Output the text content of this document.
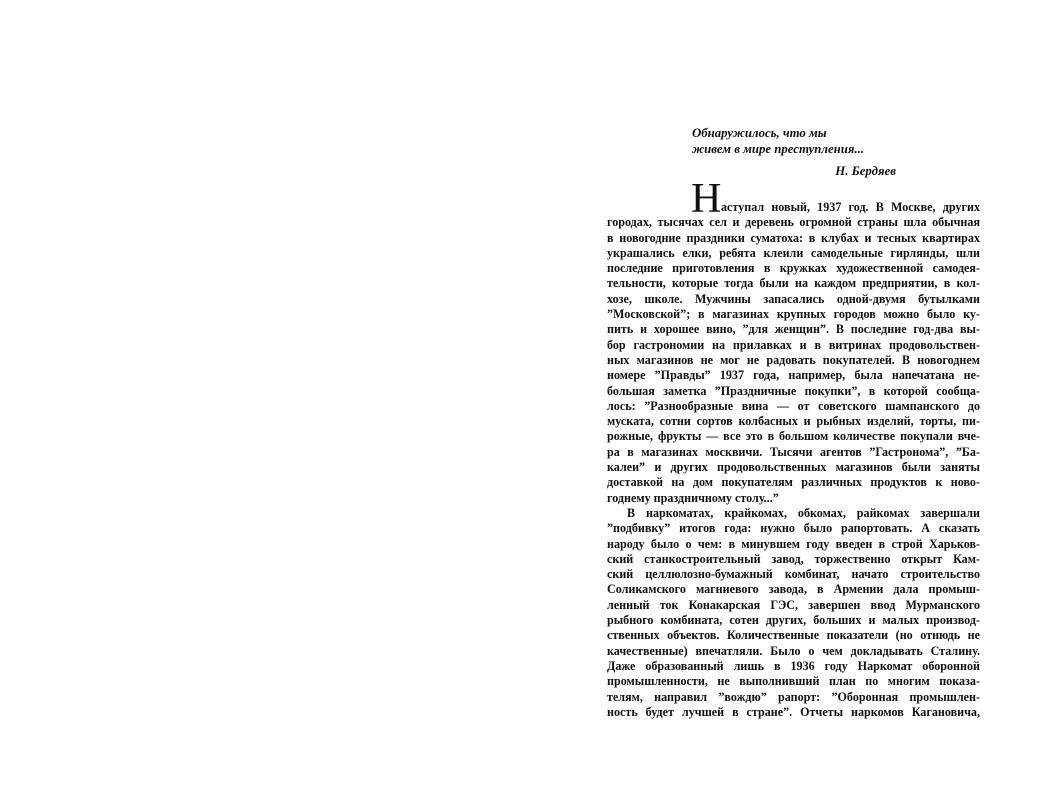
Обнаружилось, что мы
живем в мире преступления...
Н. Бердяев
Н аступал новый, 1937 год. В Москве, других
городах, тысячах сел и деревень огромной страны шла обычная
в новогодние праздники суматоха: в клубах и тесных квартирах
украшались елки, ребята клеили самодельные гирлянды, шли
последние приготовления в кружках художественной самодея-
тельности, которые тогда были на каждом предприятии, в кол-
хозе, школе. Мужчины запасались одной-двумя бутылками
”Московской”; в магазинах крупных городов можно было ку-
пить и хорошее вино, ”для женщин”. В последние год-два вы-
бор гастрономии на прилавках и в витринах продовольствен-
ных магазинов не мог не радовать покупателей. В новогоднем
номере ”Правды” 1937 года, например, была напечатана не-
большая заметка ”Праздничные покупки”, в которой сообща-
лось: ”Разнообразные вина — от советского шампанского до
муската, сотни сортов колбасных и рыбных изделий, торты, пи-
рожные, фрукты — все это в большом количестве покупали вче-
ра в магазинах москвичи. Тысячи агентов ”Гастронома”, ”Ба-
калеи” и других продовольственных магазинов были заняты
доставкой на дом покупателям различных продуктов к ново-
годнему праздничному столу...”
В наркоматах, крайкомах, обкомах, райкомах завершали
”подбивку” итогов года: нужно было рапортовать. А сказать
народу было о чем: в минувшем году введен в строй Харьков-
ский станкостроительный завод, торжественно открыт Кам-
ский целлюлозно-бумажный комбинат, начато строительство
Соликамского магниевого завода, в Армении дала промыш-
ленный ток Конакарская ГЭС, завершен ввод Мурманского
рыбного комбината, сотен других, больших и малых производ-
ственных объектов. Количественные показатели (но отнюдь не
качественные) впечатляли. Было о чем докладывать Сталину.
Даже образованный лишь в 1936 году Наркомат оборонной
промышленности, не выполнивший план по многим показа-
телям, направил ”вождю” рапорт: ”Оборонная промышлен-
ность будет лучшей в стране”. Отчеты наркомов Кагановича,
